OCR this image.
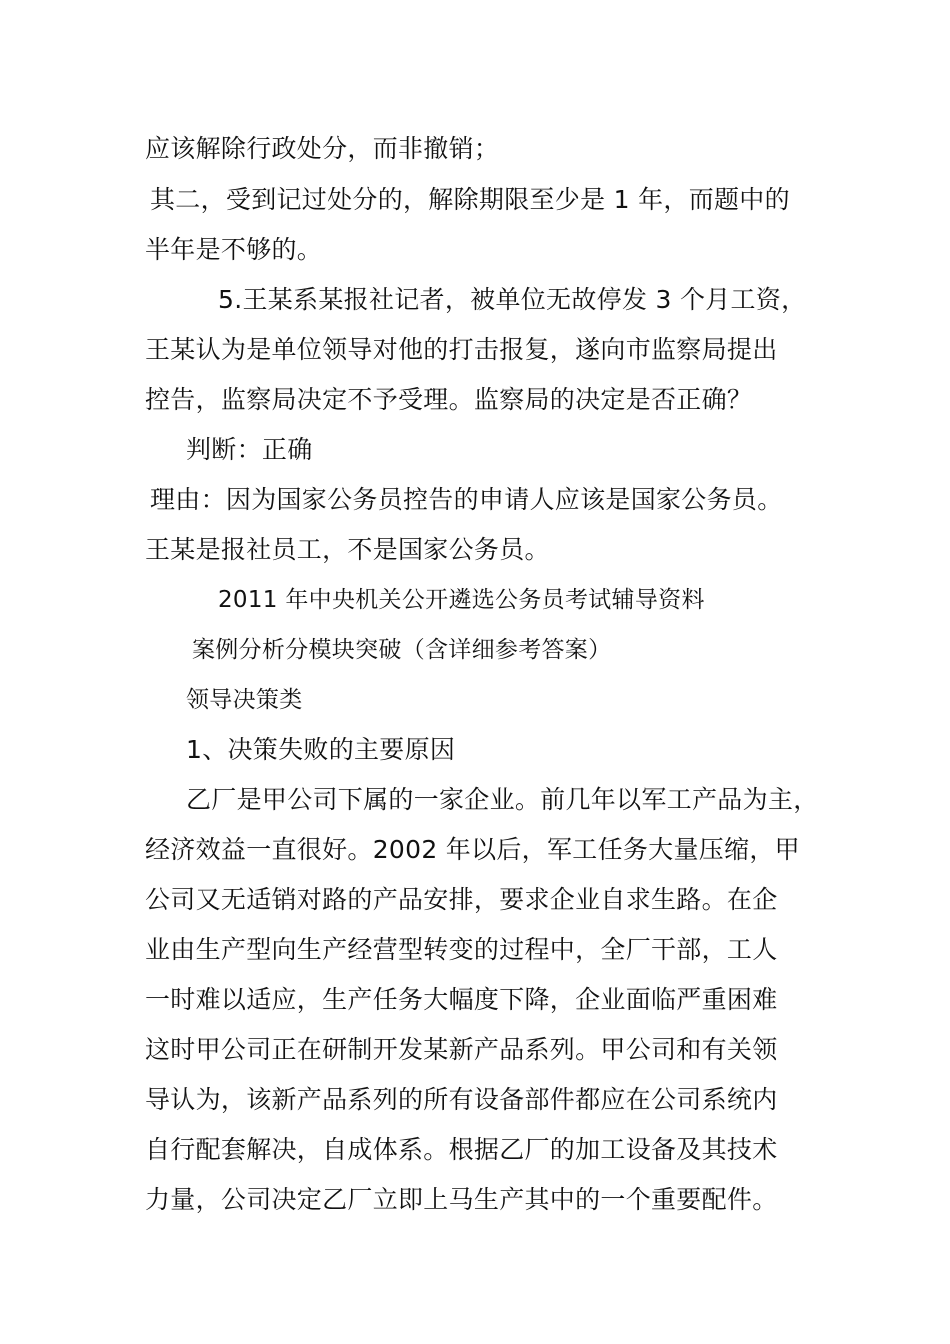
应该解除行政处分，而非撤销；
其二，受到记过处分的，解除期限至少是 1 年，而题中的
半年是不够的。
5.王某系某报社记者，被单位无故停发 3 个月工资，
王某认为是单位领导对他的打击报复，遂向市监察局提出
控告，监察局决定不予受理。监察局的决定是否正确？
判断：正确
理由：因为国家公务员控告的申请人应该是国家公务员。
王某是报社员工，不是国家公务员。
2011 年中央机关公开遴选公务员考试辅导资料
案例分析分模块突破（含详细参考答案）
领导决策类
1、决策失败的主要原因
乙厂是甲公司下属的一家企业。前几年以军工产品为主，
经济效益一直很好。2002 年以后，军工任务大量压缩，甲
公司又无适销对路的产品安排，要求企业自求生路。在企
业由生产型向生产经营型转变的过程中，全厂干部，工人
一时难以适应，生产任务大幅度下降，企业面临严重困难
这时甲公司正在研制开发某新产品系列。甲公司和有关领
导认为，该新产品系列的所有设备部件都应在公司系统内
自行配套解决，自成体系。根据乙厂的加工设备及其技术
力量，公司决定乙厂立即上马生产其中的一个重要配件。
